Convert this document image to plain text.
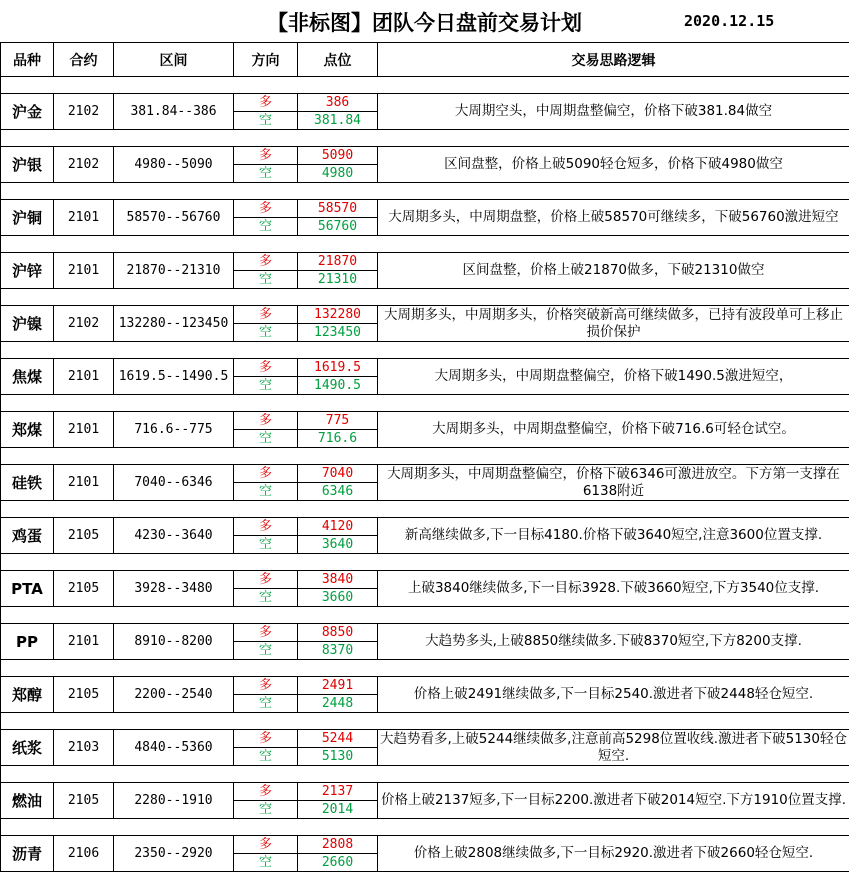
【非标图】团队今日盘前交易计划	2020.12.15
品种	合约	区间	方向	点位	交易思路逻辑

沪金	2102	381.84--386	多	386	大周期空头，中周期盘整偏空，价格下破381.84做空
			空	381.84	

沪银	2102	4980--5090	多	5090	区间盘整，价格上破5090轻仓短多，价格下破4980做空
			空	4980	

沪铜	2101	58570--56760	多	58570	大周期多头，中周期盘整，价格上破58570可继续多，下破56760激进短空
			空	56760	

沪锌	2101	21870--21310	多	21870	区间盘整，价格上破21870做多，下破21310做空
			空	21310	

沪镍	2102	132280--123450	多	132280	大周期多头，中周期多头，价格突破新高可继续做多，已持有波段单可上移止损价保护
			空	123450	

焦煤	2101	1619.5--1490.5	多	1619.5	大周期多头，中周期盘整偏空，价格下破1490.5激进短空，
			空	1490.5	

郑煤	2101	716.6--775	多	775	大周期多头，中周期盘整偏空，价格下破716.6可轻仓试空。
			空	716.6	

硅铁	2101	7040--6346	多	7040	大周期多头，中周期盘整偏空，价格下破6346可激进放空。下方第一支撑在6138附近
			空	6346	

鸡蛋	2105	4230--3640	多	4120	新高继续做多,下一目标4180.价格下破3640短空,注意3600位置支撑.
			空	3640	

PTA	2105	3928--3480	多	3840	上破3840继续做多,下一目标3928.下破3660短空,下方3540位支撑.
			空	3660	

PP	2101	8910--8200	多	8850	大趋势多头,上破8850继续做多.下破8370短空,下方8200支撑.
			空	8370	

郑醇	2105	2200--2540	多	2491	价格上破2491继续做多,下一目标2540.激进者下破2448轻仓短空.
			空	2448	

纸浆	2103	4840--5360	多	5244	大趋势看多,上破5244继续做多,注意前高5298位置收线.激进者下破5130轻仓短空.
			空	5130	

燃油	2105	2280--1910	多	2137	价格上破2137短多,下一目标2200.激进者下破2014短空.下方1910位置支撑.
			空	2014	

沥青	2106	2350--2920	多	2808	价格上破2808继续做多,下一目标2920.激进者下破2660轻仓短空.
			空	2660	
